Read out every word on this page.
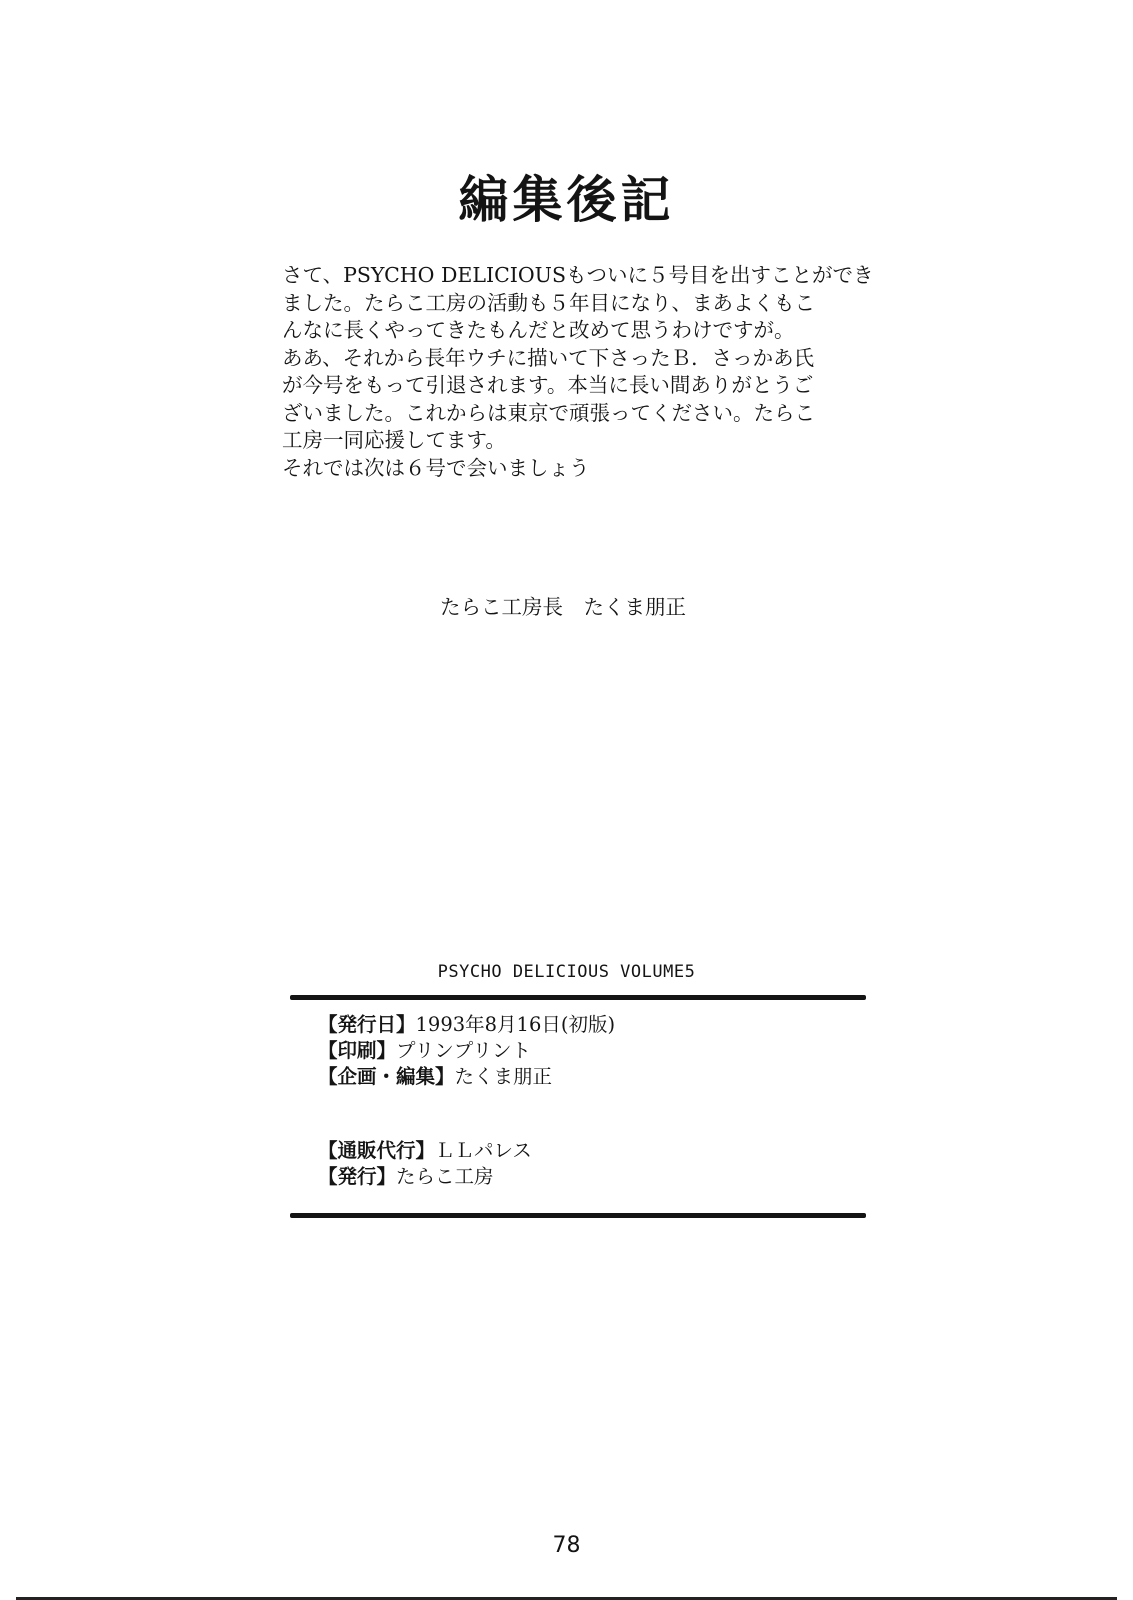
編集後記
さて、PSYCHO DELICIOUSもついに５号目を出すことができ
ました。たらこ工房の活動も５年目になり、まあよくもこ
んなに長くやってきたもんだと改めて思うわけですが。
ああ、それから長年ウチに描いて下さったＢ．さっかあ氏
が今号をもって引退されます。本当に長い間ありがとうご
ざいました。これからは東京で頑張ってください。たらこ
工房一同応援してます。
それでは次は６号で会いましょう
たらこ工房長　たくま朋正
PSYCHO DELICIOUS VOLUME5
【発行日】1993年8月16日(初版)
【印刷】プリンプリント
【企画・編集】たくま朋正
【通販代行】ＬＬパレス
【発行】たらこ工房
78
